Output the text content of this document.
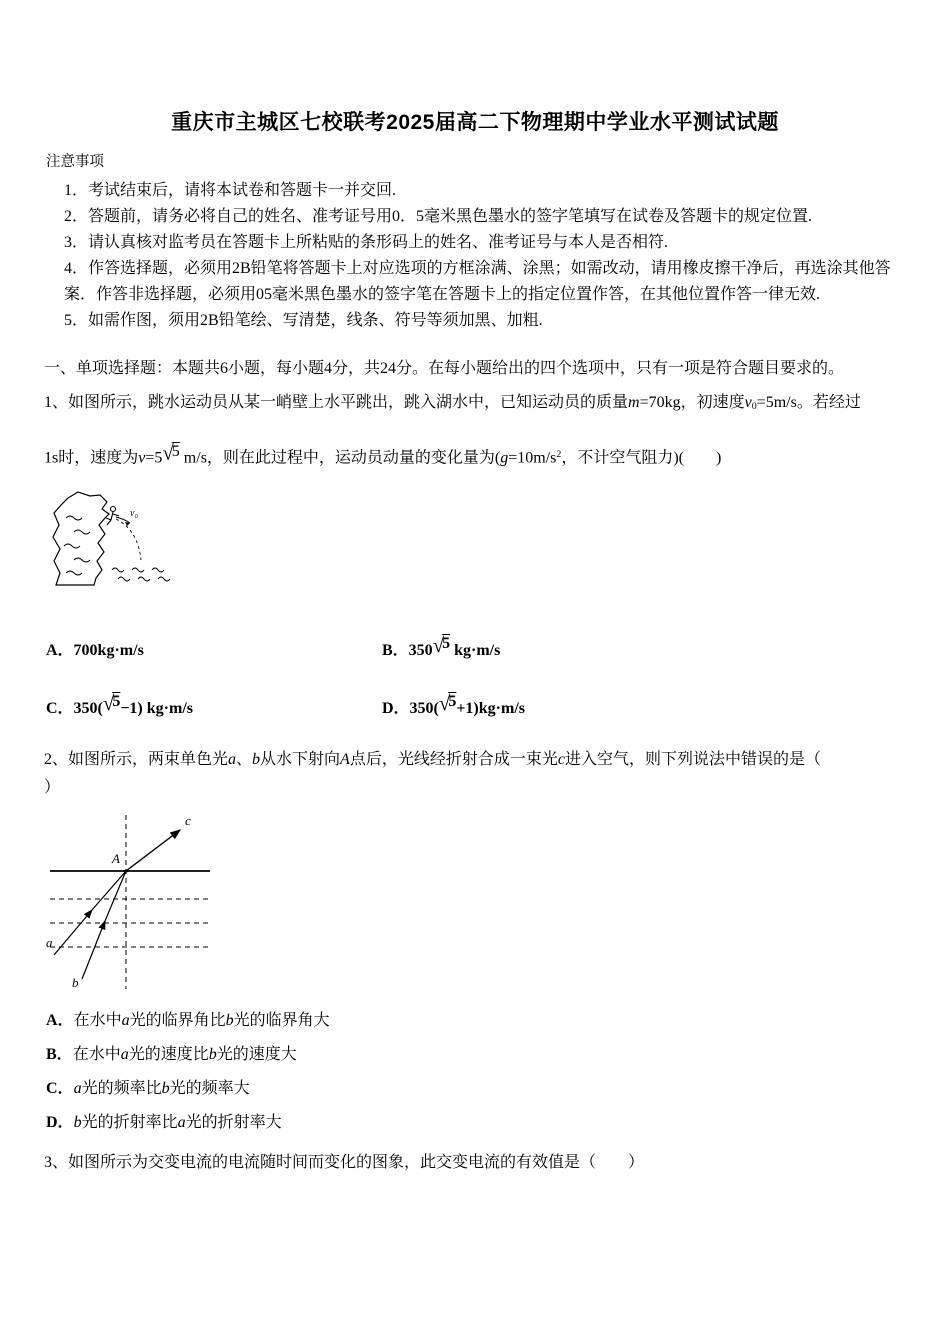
重庆市主城区七校联考2025届高二下物理期中学业水平测试试题

注意事项

1．考试结束后，请将本试卷和答题卡一并交回.

2．答题前，请务必将自己的姓名、准考证号用0．5毫米黑色墨水的签字笔填写在试卷及答题卡的规定位置.

3．请认真核对监考员在答题卡上所粘贴的条形码上的姓名、准考证号与本人是否相符.

4．作答选择题，必须用2B铅笔将答题卡上对应选项的方框涂满、涂黑；如需改动，请用橡皮擦干净后，再选涂其他答案．作答非选择题，必须用05毫米黑色墨水的签字笔在答题卡上的指定位置作答，在其他位置作答一律无效.

5．如需作图，须用2B铅笔绘、写清楚，线条、符号等须加黑、加粗.

一、单项选择题：本题共6小题，每小题4分，共24分。在每小题给出的四个选项中，只有一项是符合题目要求的。

1、如图所示，跳水运动员从某一峭壁上水平跳出，跳入湖水中，已知运动员的质量m=70kg，初速度$v_0=5m/s$。若经过

1s时，速度为v=5√5 m/s，则在此过程中，运动员动量的变化量为($g=10m/s^2$，不计空气阻力)(　　)

v₀

A．700kg·m/s	B．350√5 kg·m/s

C．350(√5−1) kg·m/s	D．350(√5+1)kg·m/s

2、如图所示，两束单色光a、b从水下射向A点后，光线经折射合成一束光c进入空气，则下列说法中错误的是（

）

c
A
a
b

A．在水中a光的临界角比b光的临界角大

B．在水中a光的速度比b光的速度大

C．a光的频率比b光的频率大

D．b光的折射率比a光的折射率大

3、如图所示为交变电流的电流随时间而变化的图象，此交变电流的有效值是（　　）
